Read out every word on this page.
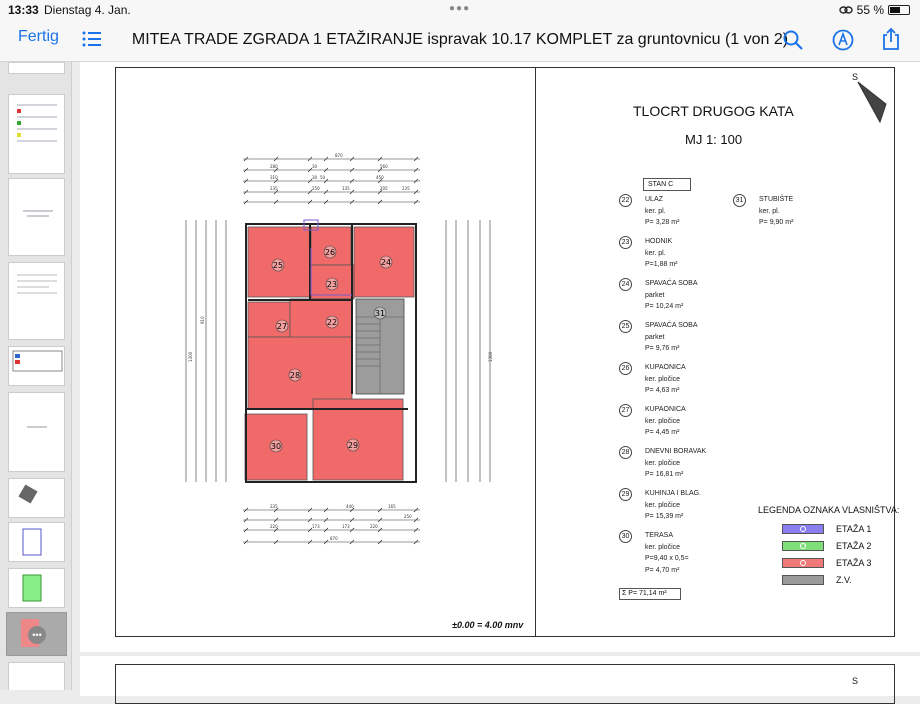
13:33 Dienstag 4. Jan.	●●●	55 %
Fertig	MITEA TRADE ZGRADA 1 ETAŽIRANJE ispravak 10.17 KOMPLET za gruntovnicu (1 von 2)
•••
870
280	30	560
310	30 50	450
235	250	135	205	235
235	440	165
250
220	173	173	220
870
910
1300	1300
22
23
24
25
26
27
28
29
30
31
S
TLOCRT DRUGOG KATA
MJ 1: 100
STAN C
31	STUBIŠTE
ker. pl.
P= 9,90 m²
Σ P= 71,14 m²
LEGENDA OZNAKA VLASNIŠTVA:
±0.00 = 4.00 mnv
22	ULAZ
ker. pl.
P= 3,28 m²
23	HODNIK
ker. pl.
P=1,88 m²
24	SPAVAĆA SOBA
parket
P= 10,24 m²
25	SPAVAĆA SOBA
parket
P= 9,76 m²
26	KUPAONICA
ker. pločice
P= 4,63 m²
27	KUPAONICA
ker. pločice
P= 4,45 m²
28	DNEVNI BORAVAK
ker. pločice
P= 16,81 m²
29	KUHINJA I BLAG.
ker. pločice
P= 15,39 m²
30	TERASA
ker. pločice
P=9,40 x 0,5=
P= 4,70 m²
ETAŽA 1
ETAŽA 2
ETAŽA 3
Z.V.
S
